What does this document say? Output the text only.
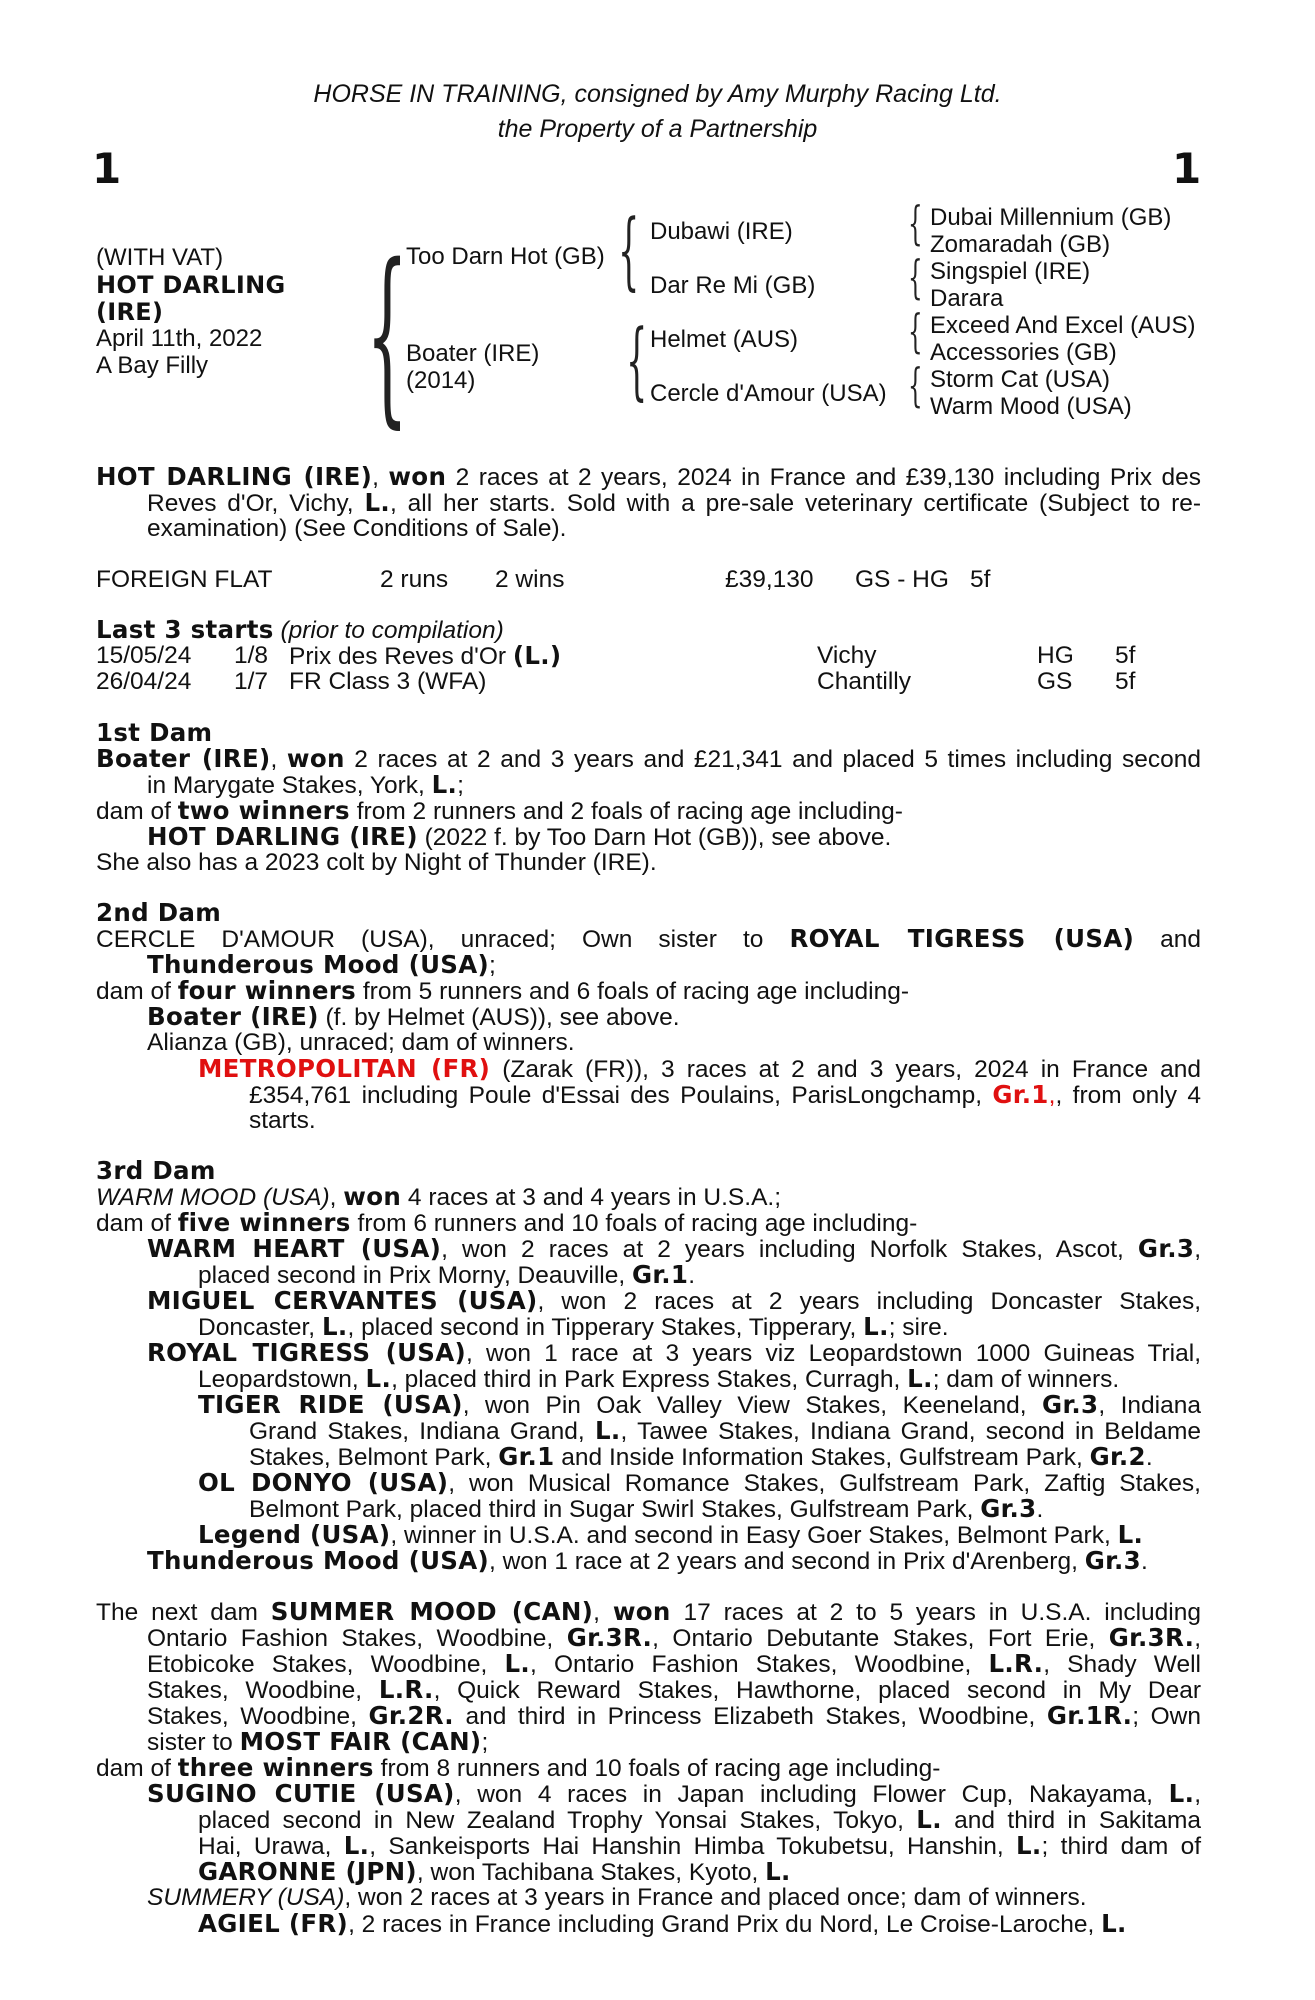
HORSE IN TRAINING, consigned by Amy Murphy Racing Ltd.
the Property of a Partnership
1	1
(WITH VAT)
HOT DARLING
(IRE)
April 11th, 2022
A Bay Filly {
Too Darn Hot (GB)
Boater (IRE)
(2014)
{
{
Dubawi (IRE)
Dar Re Mi (GB)
Helmet (AUS)
Cercle d'Amour (USA)
{
{
{
{
Dubai Millennium (GB)
Zomaradah (GB)
Singspiel (IRE)
Darara
Exceed And Excel (AUS)
Accessories (GB)
Storm Cat (USA)
Warm Mood (USA)
HOT DARLING (IRE), won 2 races at 2 years, 2024 in France and £39,130 including Prix des
Reves d'Or, Vichy, L., all her starts. Sold with a pre-sale veterinary certificate (Subject to re-
examination) (See Conditions of Sale).
FOREIGN FLAT	2 runs 2 wins	£39,130 GS - HG 5f
Last 3 starts (prior to compilation)
15/05/24 1/8 Prix des Reves d'Or (L.)	Vichy	HG 5f
26/04/24 1/7 FR Class 3 (WFA)	Chantilly	GS 5f
1st Dam
Boater (IRE), won 2 races at 2 and 3 years and £21,341 and placed 5 times including second
in Marygate Stakes, York, L.;
dam of two winners from 2 runners and 2 foals of racing age including-
HOT DARLING (IRE) (2022 f. by Too Darn Hot (GB)), see above.
She also has a 2023 colt by Night of Thunder (IRE).
2nd Dam
CERCLE D'AMOUR (USA), unraced; Own sister to ROYAL TIGRESS (USA) and
Thunderous Mood (USA);
dam of four winners from 5 runners and 6 foals of racing age including-
Boater (IRE) (f. by Helmet (AUS)), see above.
Alianza (GB), unraced; dam of winners.
METROPOLITAN (FR) (Zarak (FR)), 3 races at 2 and 3 years, 2024 in France and
£354,761 including Poule d'Essai des Poulains, ParisLongchamp, Gr.1,, from only 4
starts.
3rd Dam
WARM MOOD (USA), won 4 races at 3 and 4 years in U.S.A.;
dam of five winners from 6 runners and 10 foals of racing age including-
WARM HEART (USA), won 2 races at 2 years including Norfolk Stakes, Ascot, Gr.3,
placed second in Prix Morny, Deauville, Gr.1.
MIGUEL CERVANTES (USA), won 2 races at 2 years including Doncaster Stakes,
Doncaster, L., placed second in Tipperary Stakes, Tipperary, L.; sire.
ROYAL TIGRESS (USA), won 1 race at 3 years viz Leopardstown 1000 Guineas Trial,
Leopardstown, L., placed third in Park Express Stakes, Curragh, L.; dam of winners.
TIGER RIDE (USA), won Pin Oak Valley View Stakes, Keeneland, Gr.3, Indiana
Grand Stakes, Indiana Grand, L., Tawee Stakes, Indiana Grand, second in Beldame
Stakes, Belmont Park, Gr.1 and Inside Information Stakes, Gulfstream Park, Gr.2.
OL DONYO (USA), won Musical Romance Stakes, Gulfstream Park, Zaftig Stakes,
Belmont Park, placed third in Sugar Swirl Stakes, Gulfstream Park, Gr.3.
Legend (USA), winner in U.S.A. and second in Easy Goer Stakes, Belmont Park, L.
Thunderous Mood (USA), won 1 race at 2 years and second in Prix d'Arenberg, Gr.3.
The next dam SUMMER MOOD (CAN), won 17 races at 2 to 5 years in U.S.A. including
Ontario Fashion Stakes, Woodbine, Gr.3R., Ontario Debutante Stakes, Fort Erie, Gr.3R.,
Etobicoke Stakes, Woodbine, L., Ontario Fashion Stakes, Woodbine, L.R., Shady Well
Stakes, Woodbine, L.R., Quick Reward Stakes, Hawthorne, placed second in My Dear
Stakes, Woodbine, Gr.2R. and third in Princess Elizabeth Stakes, Woodbine, Gr.1R.; Own
sister to MOST FAIR (CAN);
dam of three winners from 8 runners and 10 foals of racing age including-
SUGINO CUTIE (USA), won 4 races in Japan including Flower Cup, Nakayama, L.,
placed second in New Zealand Trophy Yonsai Stakes, Tokyo, L. and third in Sakitama
Hai, Urawa, L., Sankeisports Hai Hanshin Himba Tokubetsu, Hanshin, L.; third dam of
GARONNE (JPN), won Tachibana Stakes, Kyoto, L.
SUMMERY (USA), won 2 races at 3 years in France and placed once; dam of winners.
AGIEL (FR), 2 races in France including Grand Prix du Nord, Le Croise-Laroche, L.
